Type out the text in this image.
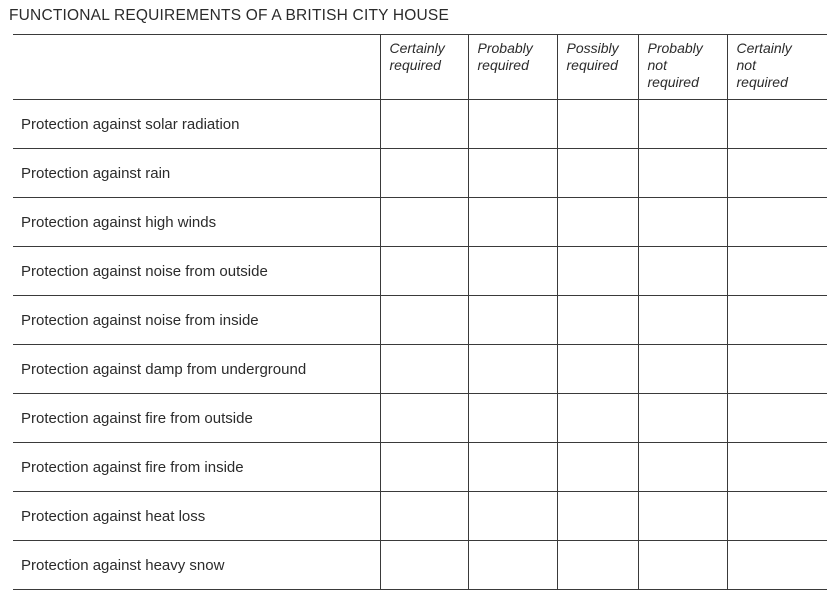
FUNCTIONAL REQUIREMENTS OF A BRITISH CITY HOUSE

	Certainly
required	Probably
required	Possibly
required	Probably
not
required	Certainly
not
required

Protection against solar radiation					
Protection against rain					
Protection against high winds					
Protection against noise from outside					
Protection against noise from inside					
Protection against damp from underground					
Protection against fire from outside					
Protection against fire from inside					
Protection against heat loss					
Protection against heavy snow					
